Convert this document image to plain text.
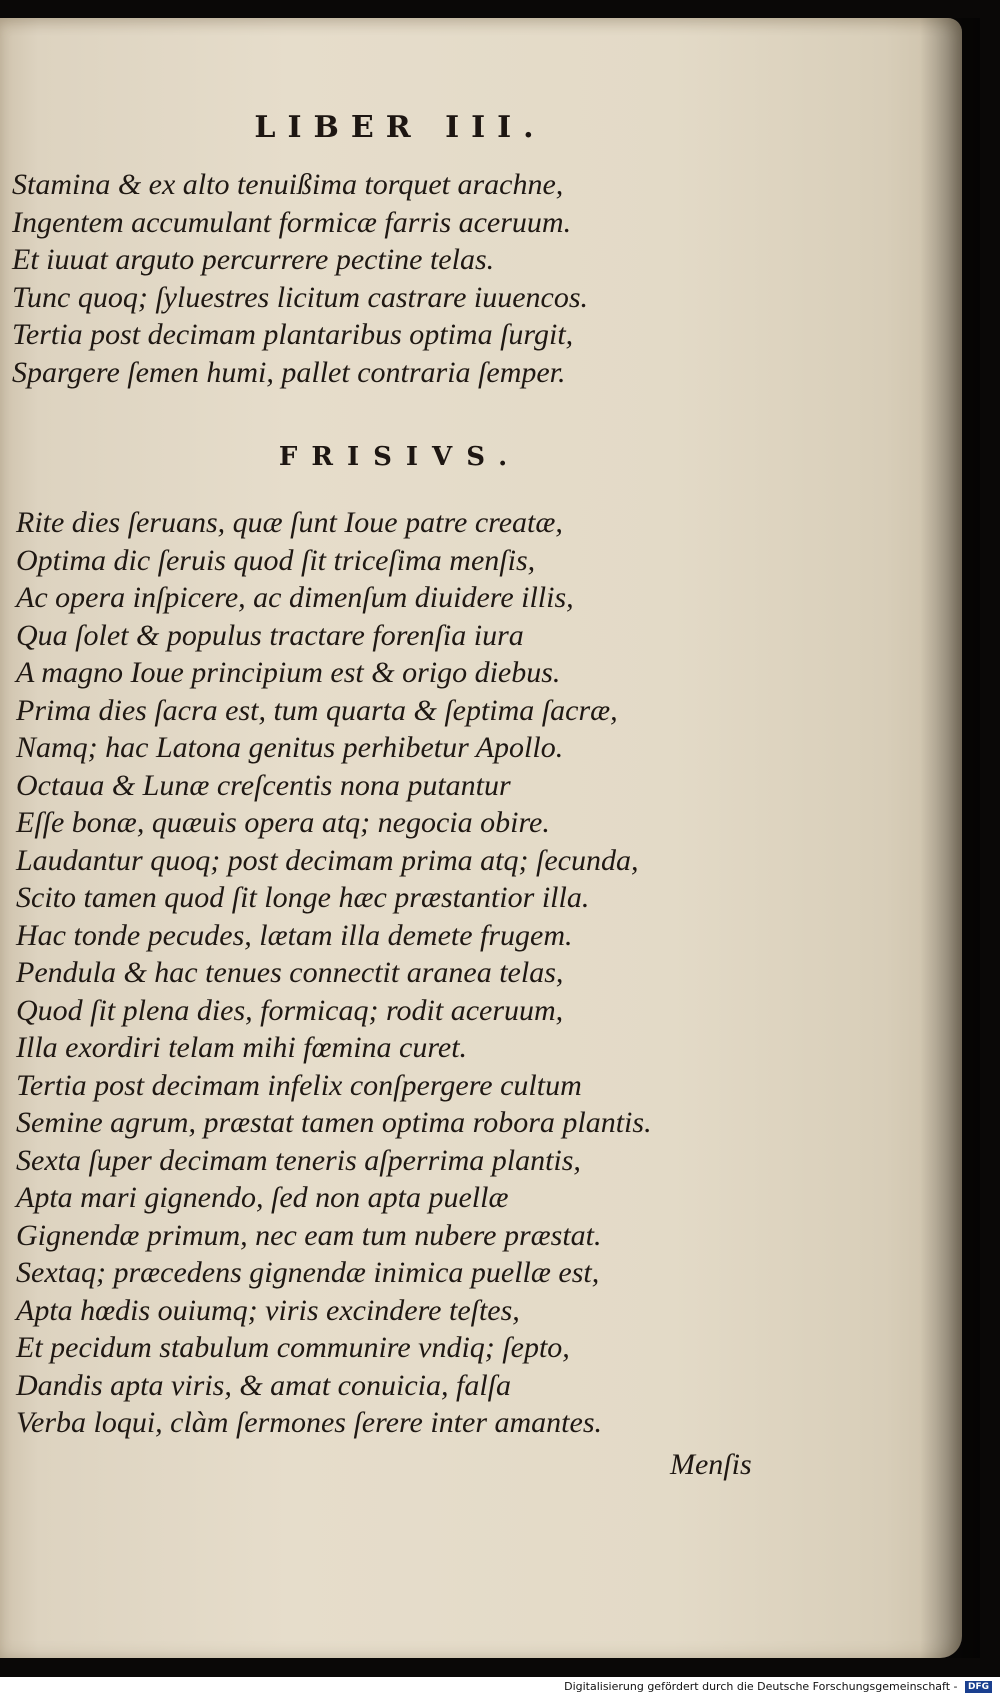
LIBER III.
Stamina & ex alto tenuißima torquet arachne,
Ingentem accumulant formicæ farris aceruum.
Et iuuat arguto percurrere pectine telas.
Tunc quoq; ſyluestres licitum castrare iuuencos.
Tertia post decimam plantaribus optima ſurgit,
Spargere ſemen humi, pallet contraria ſemper.
FRISIVS.
Rite dies ſeruans, quæ ſunt Ioue patre creatæ,
Optima dic ſeruis quod ſit triceſima menſis,
Ac opera inſpicere, ac dimenſum diuidere illis,
Qua ſolet & populus tractare forenſia iura
A magno Ioue principium est & origo diebus.
Prima dies ſacra est, tum quarta & ſeptima ſacræ,
Namq; hac Latona genitus perhibetur Apollo.
Octaua & Lunæ creſcentis nona putantur
Eſſe bonæ, quæuis opera atq; negocia obire.
Laudantur quoq; post decimam prima atq; ſecunda,
Scito tamen quod ſit longe hæc præstantior illa.
Hac tonde pecudes, lætam illa demete frugem.
Pendula & hac tenues connectit aranea telas,
Quod ſit plena dies, formicaq; rodit aceruum,
Illa exordiri telam mihi fœmina curet.
Tertia post decimam infelix conſpergere cultum
Semine agrum, præstat tamen optima robora plantis.
Sexta ſuper decimam teneris aſperrima plantis,
Apta mari gignendo, ſed non apta puellæ
Gignendæ primum, nec eam tum nubere præstat.
Sextaq; præcedens gignendæ inimica puellæ est,
Apta hœdis ouiumq; viris excindere teſtes,
Et pecidum stabulum communire vndiq; ſepto,
Dandis apta viris, & amat conuicia, falſa
Verba loqui, clàm ſermones ſerere inter amantes.
Menſis
Digitalisierung gefördert durch die Deutsche Forschungsgemeinschaft - DFG
